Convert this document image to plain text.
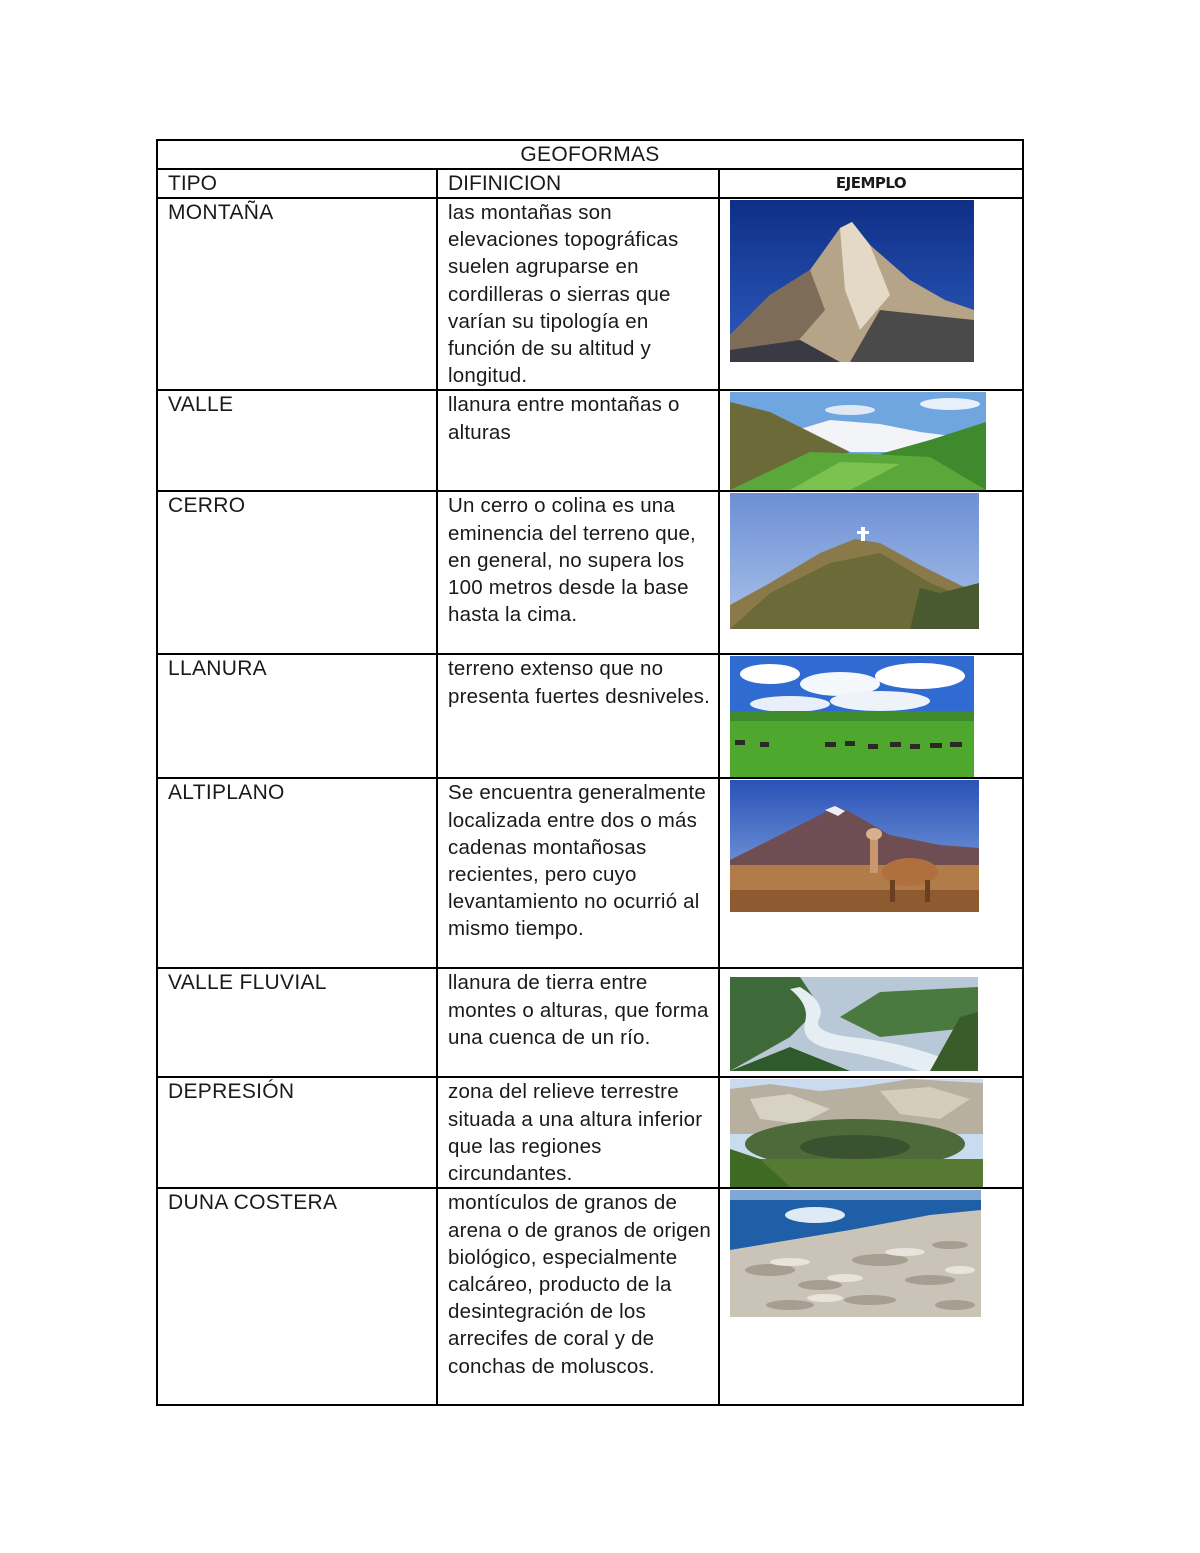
GEOFORMAS		
TIPO	DIFINICION	EJEMPLO
MONTAÑA	las montañas son elevaciones topográficas suelen agruparse en cordilleras o sierras que varían su tipología en función de su altitud y longitud.	

VALLE	llanura entre montañas o alturas	

CERRO	Un cerro o colina es una eminencia del terreno que, en general, no supera los 100 metros desde la base hasta la cima.	

LLANURA	terreno extenso que no presenta fuertes desniveles.	

ALTIPLANO	Se encuentra generalmente localizada entre dos o más cadenas montañosas recientes, pero cuyo levantamiento no ocurrió al mismo tiempo.	

VALLE FLUVIAL	llanura de tierra entre montes o alturas, que forma una cuenca de un río.	

DEPRESIÓN	zona del relieve terrestre situada a una altura inferior que las regiones circundantes.	

DUNA COSTERA	montículos de granos de arena o de granos de origen biológico, especialmente calcáreo, producto de la desintegración de los arrecifes de coral y de conchas de moluscos.	
